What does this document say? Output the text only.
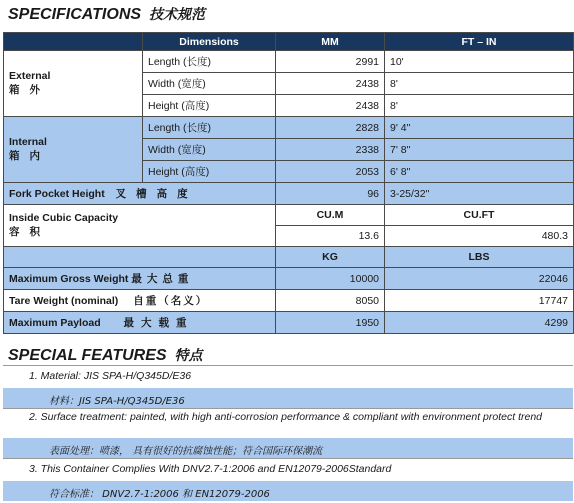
SPECIFICATIONS 技术规范
	Dimensions	MM	FT – IN

External
箱外	Length (长度)	2991	10'
	Width (宽度)	2438	8'
	Height (高度)	2438	8'

Internal
箱内	Length (长度)	2828	9' 4"
	Width (宽度)	2338	7' 8"
	Height (高度)	2053	6' 8"
Fork Pocket Height 叉槽高度		96	3-25/32"

Inside Cubic Capacity
容积		CU.M	CU.FT
		13.6	480.3
		KG	LBS
Maximum Gross Weight 最大总重		10000	22046
Tare Weight (nominal) 自重（名义）		8050	17747
Maximum Payload 最大载重		1950	4299
SPECIAL FEATURES 特点
1. Material: JIS SPA-H/Q345D/E36
材料：JIS SPA-H/Q345D/E36
2. Surface treatment: painted, with high anti-corrosion performance & compliant with environment protect trend
表面处理：喷漆， 具有很好的抗腐蚀性能；符合国际环保潮流
3. This Container Complies With DNV2.7-1:2006 and EN12079-2006Standard
符合标准： DNV2.7-1:2006 和 EN12079-2006
